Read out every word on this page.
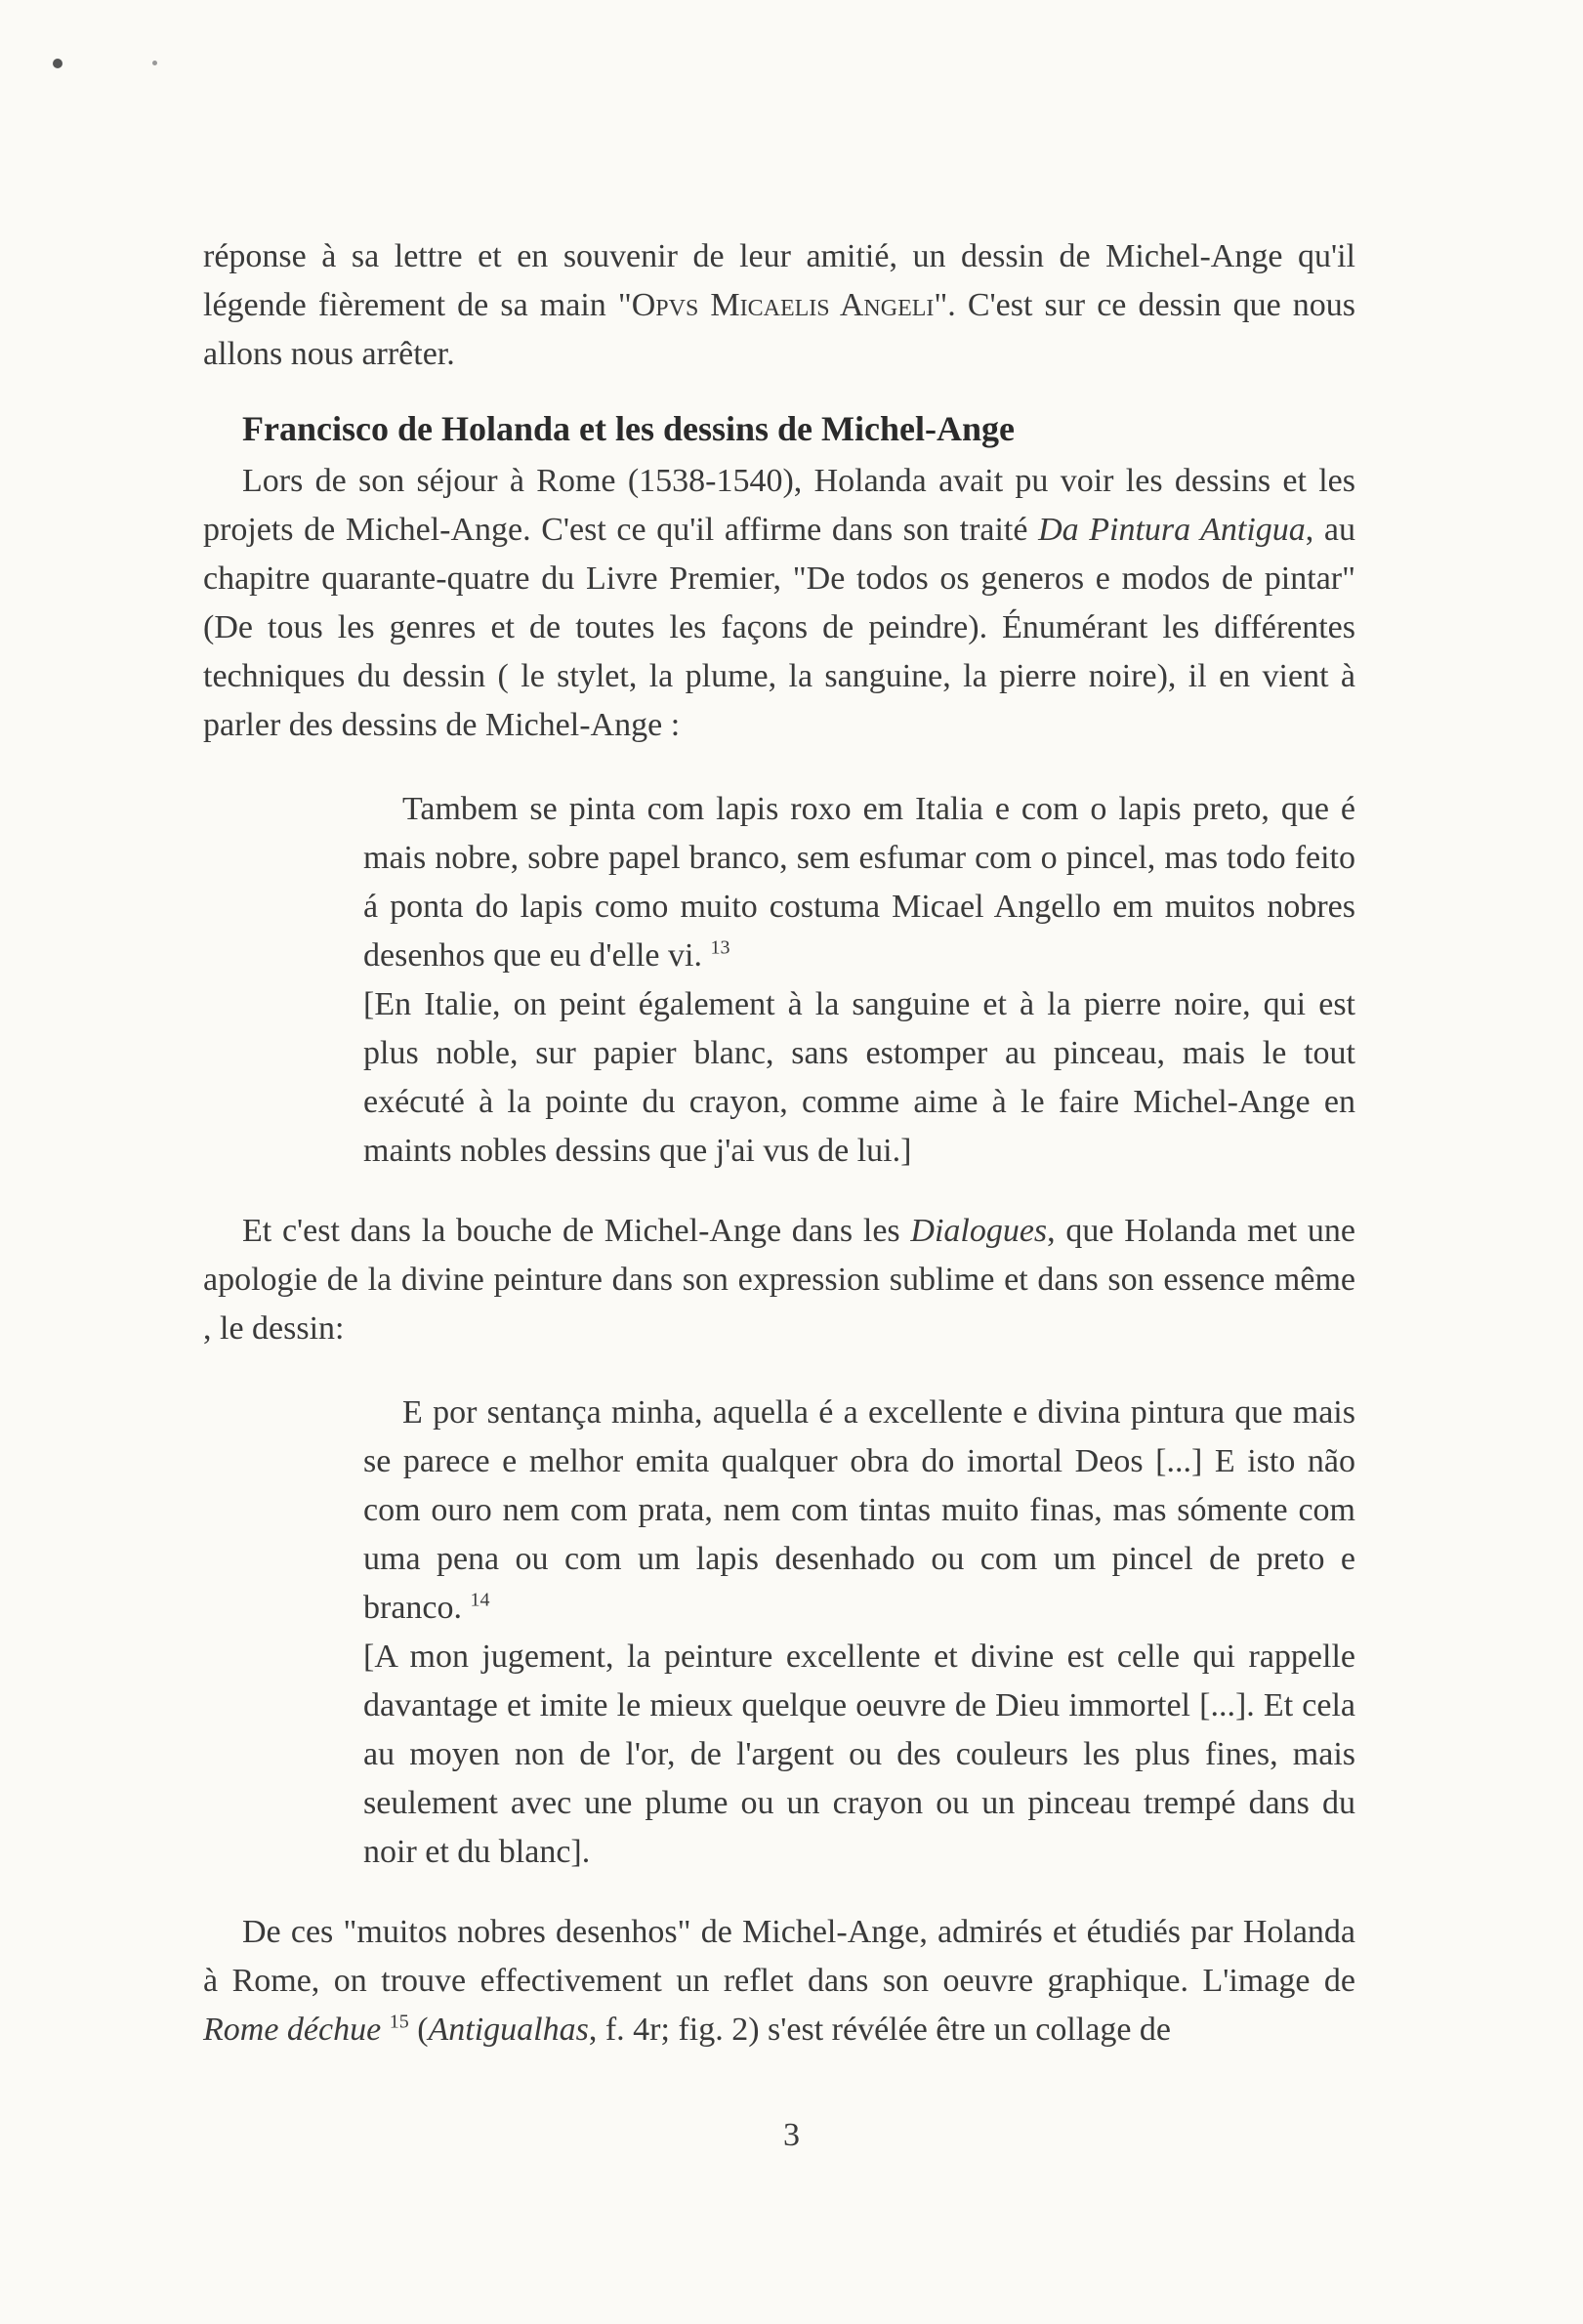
réponse à sa lettre et en souvenir de leur amitié, un dessin de Michel-Ange qu'il légende fièrement de sa main "Opvs Micaelis Angeli". C'est sur ce dessin que nous allons nous arrêter.

Francisco de Holanda et les dessins de Michel-Ange

Lors de son séjour à Rome (1538-1540), Holanda avait pu voir les dessins et les projets de Michel-Ange. C'est ce qu'il affirme dans son traité Da Pintura Antigua, au chapitre quarante-quatre du Livre Premier, "De todos os generos e modos de pintar" (De tous les genres et de toutes les façons de peindre). Énumérant les différentes techniques du dessin ( le stylet, la plume, la sanguine, la pierre noire), il en vient à parler des dessins de Michel-Ange :

Tambem se pinta com lapis roxo em Italia e com o lapis preto, que é mais nobre, sobre papel branco, sem esfumar com o pincel, mas todo feito á ponta do lapis como muito costuma Micael Angello em muitos nobres desenhos que eu d'elle vi. $^{13}$

[En Italie, on peint également à la sanguine et à la pierre noire, qui est plus noble, sur papier blanc, sans estomper au pinceau, mais le tout exécuté à la pointe du crayon, comme aime à le faire Michel-Ange en maints nobles dessins que j'ai vus de lui.]

Et c'est dans la bouche de Michel-Ange dans les Dialogues, que Holanda met une apologie de la divine peinture dans son expression sublime et dans son essence même , le dessin:

E por sentança minha, aquella é a excellente e divina pintura que mais se parece e melhor emita qualquer obra do imortal Deos [...] E isto não com ouro nem com prata, nem com tintas muito finas, mas sómente com uma pena ou com um lapis desenhado ou com um pincel de preto e branco. $^{14}$

[A mon jugement, la peinture excellente et divine est celle qui rappelle davantage et imite le mieux quelque oeuvre de Dieu immortel [...]. Et cela au moyen non de l'or, de l'argent ou des couleurs les plus fines, mais seulement avec une plume ou un crayon ou un pinceau trempé dans du noir et du blanc].

De ces "muitos nobres desenhos" de Michel-Ange, admirés et étudiés par Holanda à Rome, on trouve effectivement un reflet dans son oeuvre graphique. L'image de Rome déchue $^{15}$ (Antigualhas, f. 4r; fig. 2) s'est révélée être un collage de

3
